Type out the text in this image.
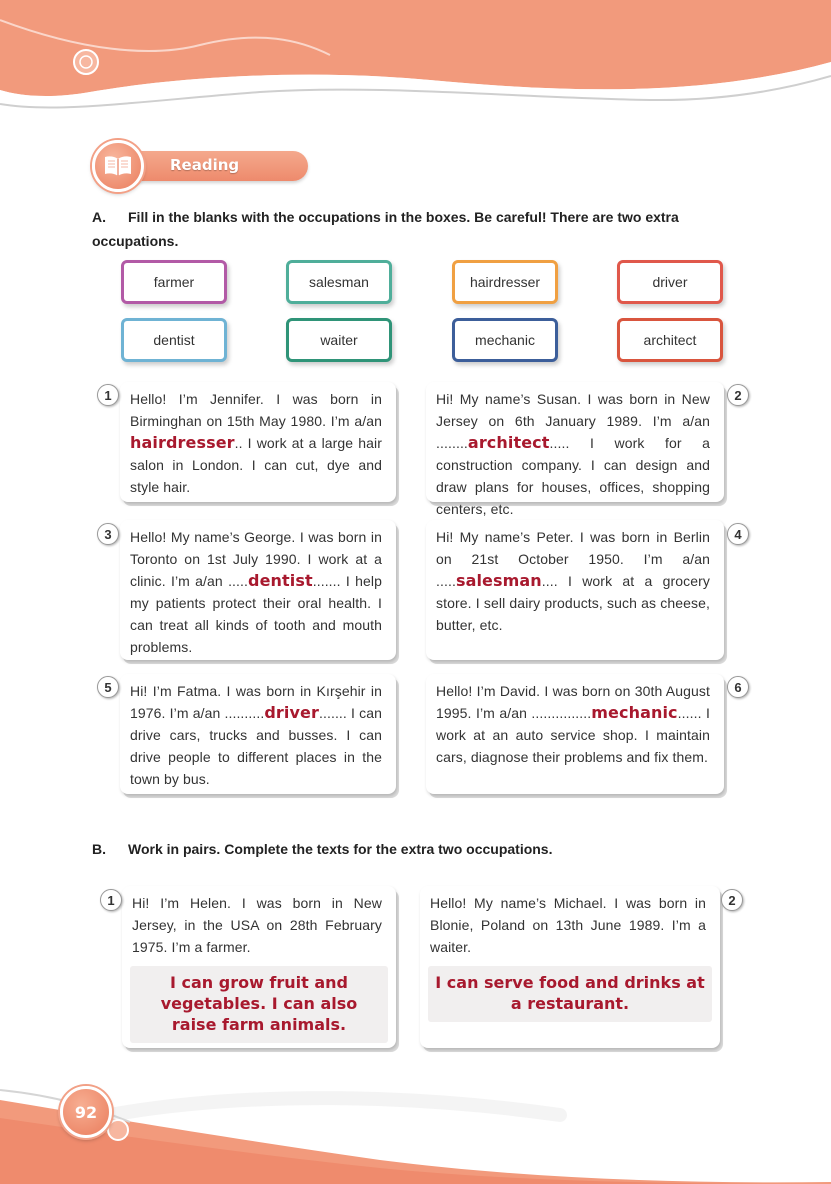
Reading
A. Fill in the blanks with the occupations in the boxes. Be careful! There are two extra occupations.
farmer	salesman	hairdresser	driver
dentist	waiter	mechanic	architect

Hello! I’m Jennifer. I was born in Birminghan on 15th May 1980. I’m a/an hairdresser.. I work at a large hair salon in London. I can cut, dye and style hair.

1	Hi! My name’s Susan. I was born in New Jersey on 6th January 1989. I’m a/an ........architect..... I work for a construction company. I can design and draw plans for houses, offices, shopping centers, etc.

2

Hello! My name’s George. I was born in Toronto on 1st July 1990. I work at a clinic. I’m a/an .....dentist....... I help my patients protect their oral health. I can treat all kinds of tooth and mouth problems.

3	Hi! My name’s Peter. I was born in Berlin on 21st October 1950. I’m a/an .....salesman.... I work at a grocery store. I sell dairy products, such as cheese, butter, etc.

4

Hi! I’m Fatma. I was born in Kırşehir in 1976. I’m a/an ..........driver....... I can drive cars, trucks and busses. I can drive people to different places in the town by bus.

5	Hello! I’m David. I was born on 30th August 1995. I’m a/an ...............mechanic...... I work at an auto service shop. I maintain cars, diagnose their problems and fix them.

6
B. Work in pairs. Complete the texts for the extra two occupations.

Hi! I’m Helen. I was born in New Jersey, in the USA on 28th February 1975. I’m a farmer.

I can grow fruit and vegetables. I can also raise farm animals.
1	Hello! My name’s Michael. I was born in Blonie, Poland on 13th June 1989. I’m a waiter.

I can serve food and drinks at a restaurant.
2
92
